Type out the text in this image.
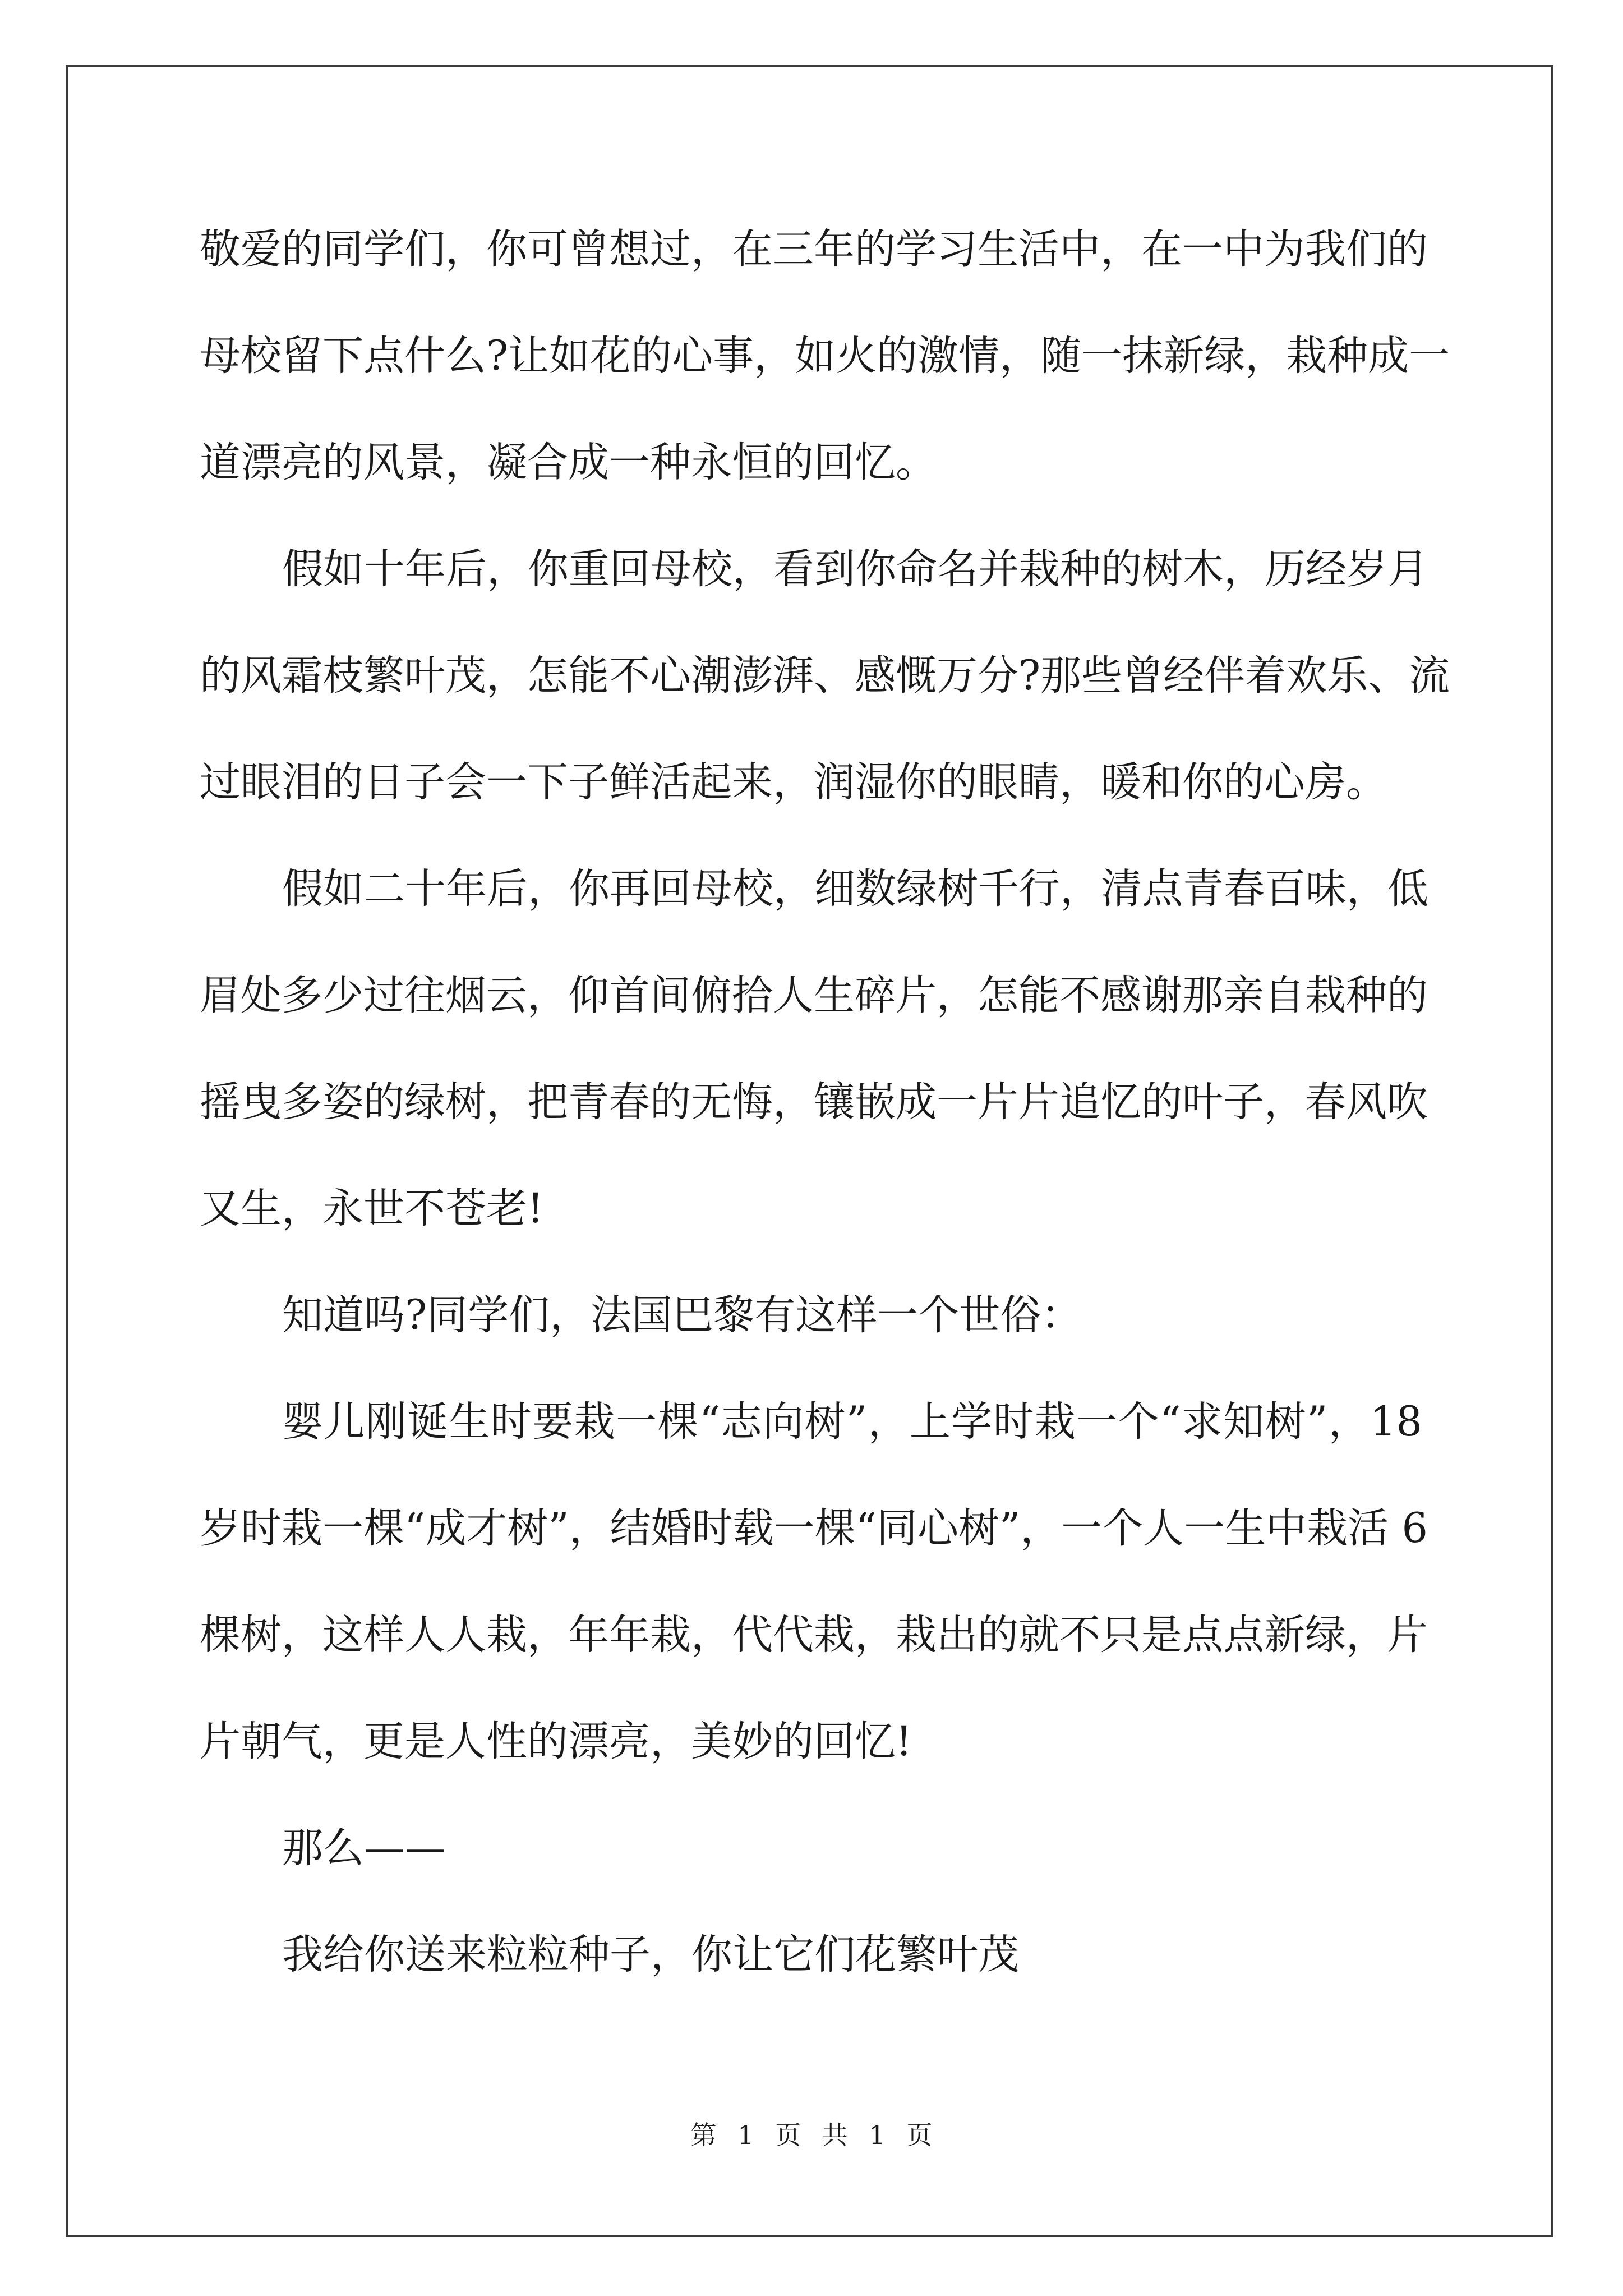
敬爱的同学们，你可曾想过，在三年的学习生活中，在一中为我们的
母校留下点什么?让如花的心事，如火的激情，随一抹新绿，栽种成一
道漂亮的风景，凝合成一种永恒的回忆。
假如十年后，你重回母校，看到你命名并栽种的树木，历经岁月
的风霜枝繁叶茂，怎能不心潮澎湃、感慨万分?那些曾经伴着欢乐、流
过眼泪的日子会一下子鲜活起来，润湿你的眼睛，暖和你的心房。
假如二十年后，你再回母校，细数绿树千行，清点青春百味，低
眉处多少过往烟云，仰首间俯拾人生碎片，怎能不感谢那亲自栽种的
摇曳多姿的绿树，把青春的无悔，镶嵌成一片片追忆的叶子，春风吹
又生，永世不苍老!
知道吗?同学们，法国巴黎有这样一个世俗：
婴儿刚诞生时要栽一棵“志向树”，上学时栽一个“求知树”，18
岁时栽一棵“成才树”，结婚时载一棵“同心树”，一个人一生中栽活 6
棵树，这样人人栽，年年栽，代代栽，栽出的就不只是点点新绿，片
片朝气，更是人性的漂亮，美妙的回忆!
那么——
我给你送来粒粒种子，你让它们花繁叶茂
第 1 页 共 1 页
